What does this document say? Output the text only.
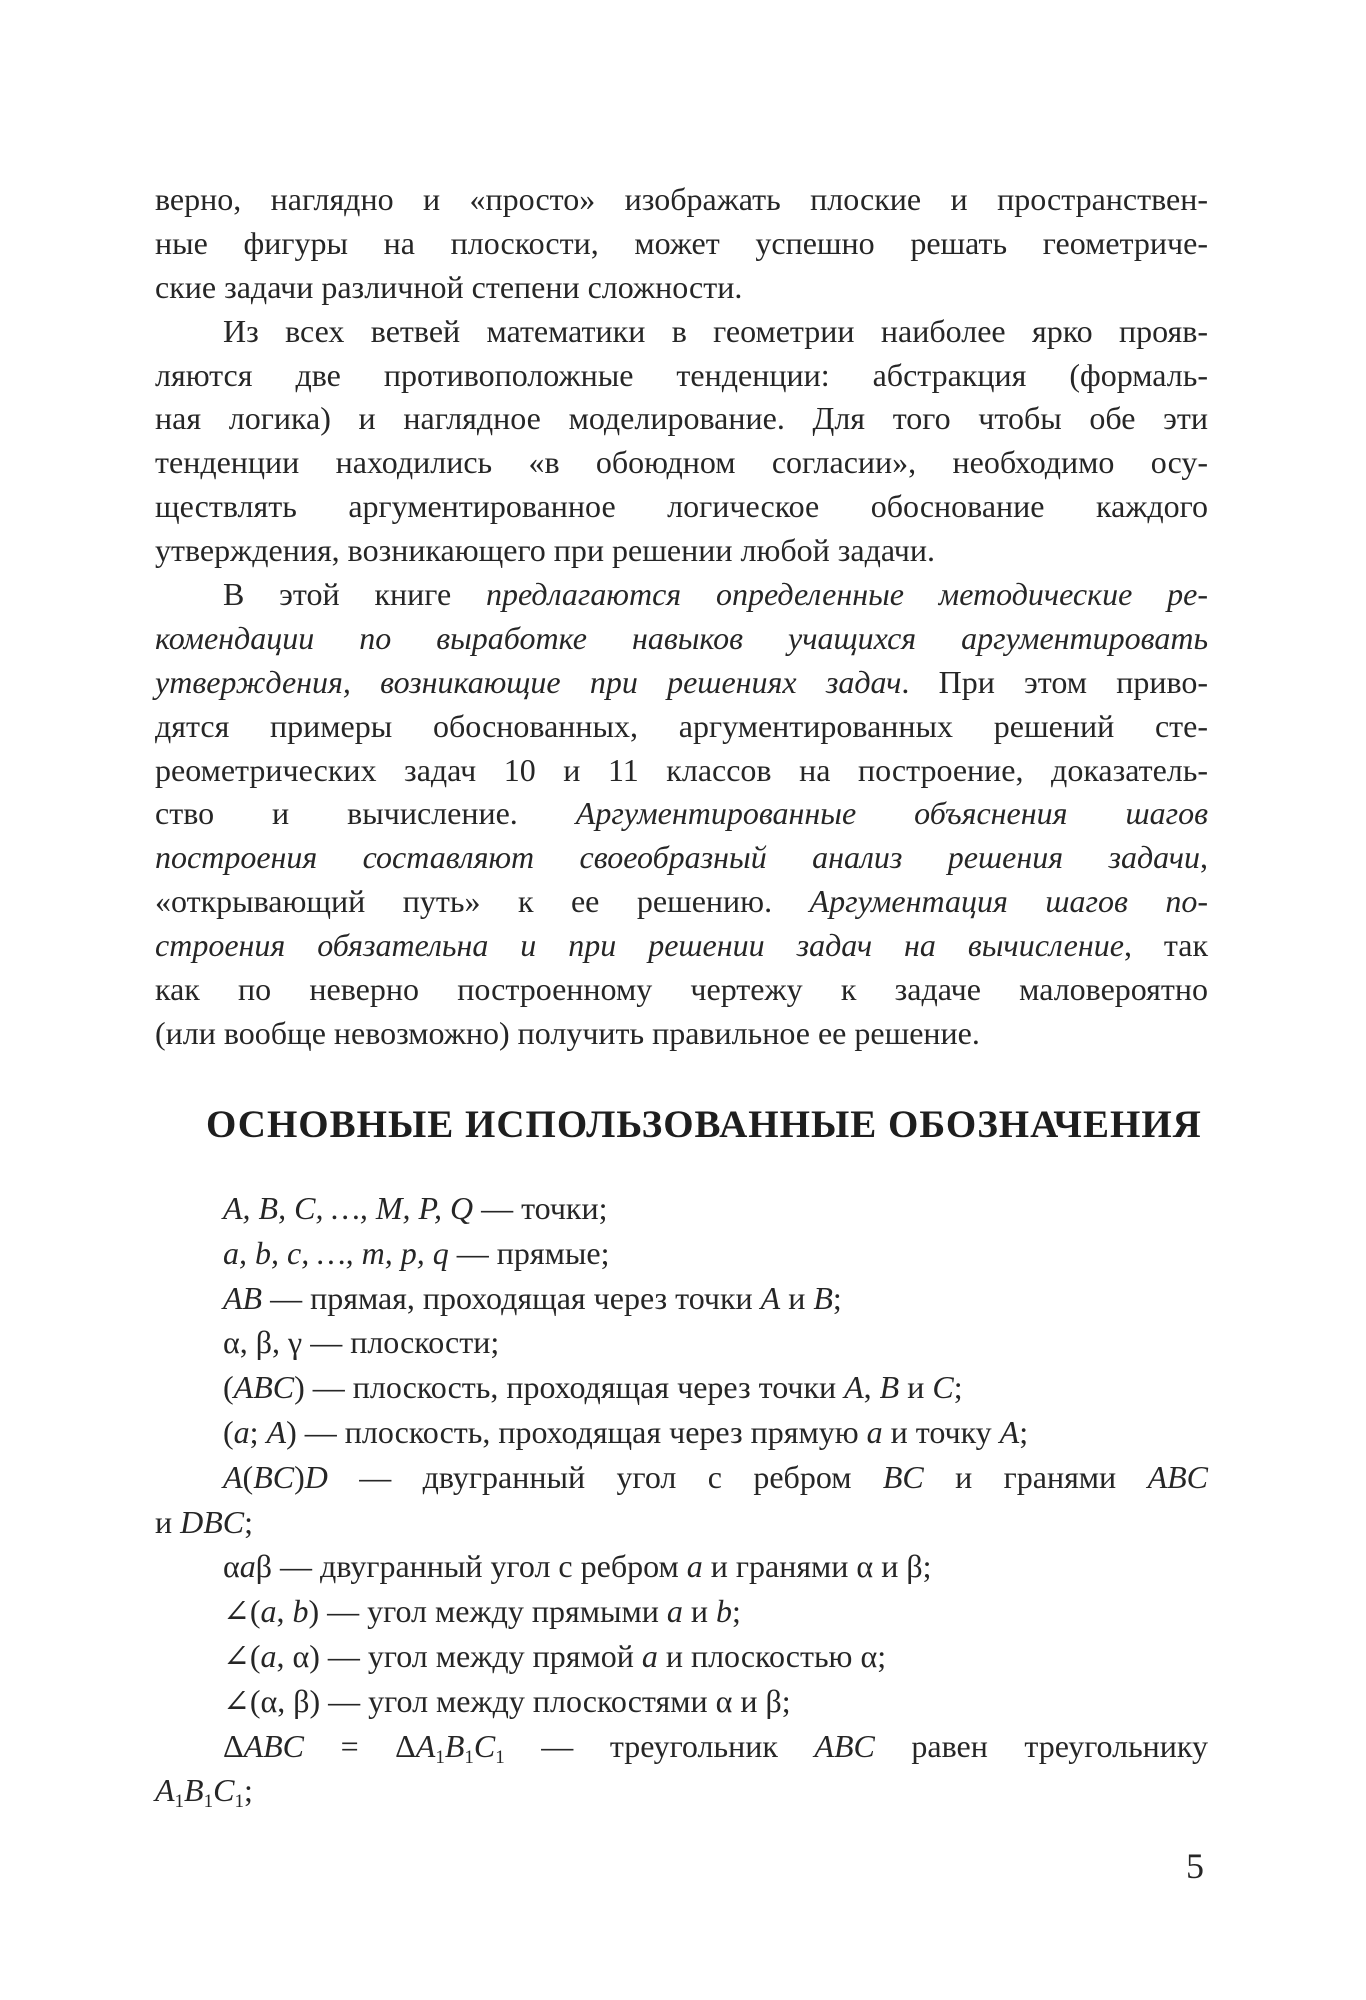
верно, наглядно и «просто» изображать плоские и пространствен-
ные фигуры на плоскости, может успешно решать геометриче-
ские задачи различной степени сложности.
Из всех ветвей математики в геометрии наиболее ярко прояв-
ляются две противоположные тенденции: абстракция (формаль-
ная логика) и наглядное моделирование. Для того чтобы обе эти
тенденции находились «в обоюдном согласии», необходимо осу-
ществлять аргументированное логическое обоснование каждого
утверждения, возникающего при решении любой задачи.
В этой книге предлагаются определенные методические ре-
комендации по выработке навыков учащихся аргументировать
утверждения, возникающие при решениях задач. При этом приво-
дятся примеры обоснованных, аргументированных решений сте-
реометрических задач 10 и 11 классов на построение, доказатель-
ство и вычисление. Аргументированные объяснения шагов
построения составляют своеобразный анализ решения задачи,
«открывающий путь» к ее решению. Аргументация шагов по-
строения обязательна и при решении задач на вычисление, так
как по неверно построенному чертежу к задаче маловероятно
(или вообще невозможно) получить правильное ее решение.
ОСНОВНЫЕ ИСПОЛЬЗОВАННЫЕ ОБОЗНАЧЕНИЯ
A, B, C, …, M, P, Q — точки;
a, b, c, …, m, p, q — прямые;
AB — прямая, проходящая через точки A и B;
α, β, γ — плоскости;
(ABC) — плоскость, проходящая через точки A, B и C;
(a; A) — плоскость, проходящая через прямую a и точку A;
A(BC)D — двугранный угол с ребром BC и гранями ABC
и DBC;
αaβ — двугранный угол с ребром a и гранями α и β;
∠(a, b) — угол между прямыми a и b;
∠(a, α) — угол между прямой a и плоскостью α;
∠(α, β) — угол между плоскостями α и β;
$\Delta ABC = \Delta A_1B_1C_1$ — треугольник ABC равен треугольнику
$A_1B_1C_1$;
5
